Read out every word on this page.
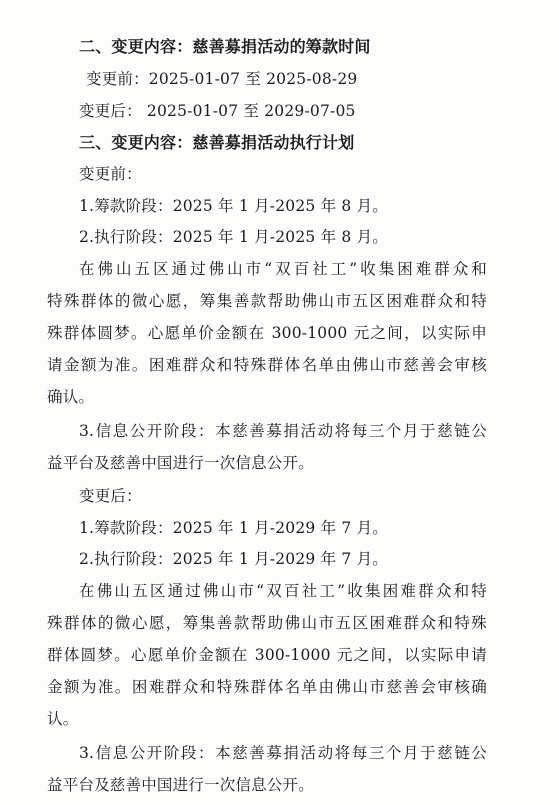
二、变更内容：慈善募捐活动的筹款时间
变更前：2025-01-07 至 2025-08-29
变更后： 2025-01-07 至 2029-07-05
三、变更内容：慈善募捐活动执行计划
变更前：
1.筹款阶段：2025 年 1 月-2025 年 8 月。
2.执行阶段：2025 年 1 月-2025 年 8 月。
在佛山五区通过佛山市“双百社工”收集困难群众和
特殊群体的微心愿，筹集善款帮助佛山市五区困难群众和特
殊群体圆梦。心愿单价金额在 300-1000 元之间，以实际申
请金额为准。困难群众和特殊群体名单由佛山市慈善会审核
确认。
3.信息公开阶段：本慈善募捐活动将每三个月于慈链公
益平台及慈善中国进行一次信息公开。
变更后：
1.筹款阶段：2025 年 1 月-2029 年 7 月。
2.执行阶段：2025 年 1 月-2029 年 7 月。
在佛山五区通过佛山市“双百社工”收集困难群众和特
殊群体的微心愿，筹集善款帮助佛山市五区困难群众和特殊
群体圆梦。心愿单价金额在 300-1000 元之间，以实际申请
金额为准。困难群众和特殊群体名单由佛山市慈善会审核确
认。
3.信息公开阶段：本慈善募捐活动将每三个月于慈链公
益平台及慈善中国进行一次信息公开。
